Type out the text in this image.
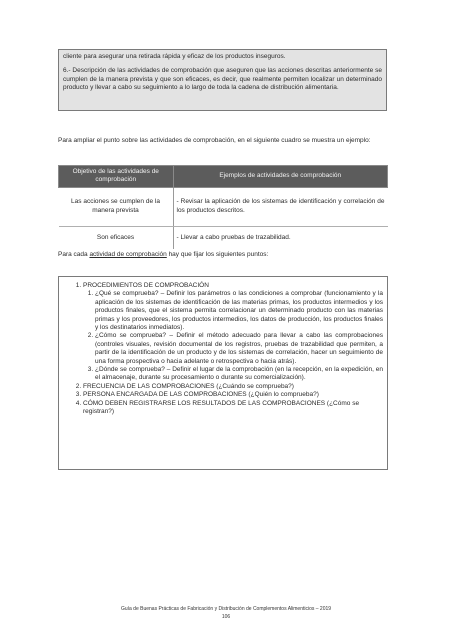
cliente para asegurar una retirada rápida y eficaz de los productos inseguros.

6.- Descripción de las actividades de comprobación que aseguren que las acciones descritas anteriormente se cumplen de la manera prevista y que son eficaces, es decir, que realmente permiten localizar un determinado producto y llevar a cabo su seguimiento a lo largo de toda la cadena de distribución alimentaria.

Para ampliar el punto sobre las actividades de comprobación, en el siguiente cuadro se muestra un ejemplo:

Objetivo de las actividades de comprobación	Ejemplos de actividades de comprobación
Las acciones se cumplen de la manera prevista	- Revisar la aplicación de los sistemas de identificación y correlación de los productos descritos.
Son eficaces	- Llevar a cabo pruebas de trazabilidad.

Para cada actividad de comprobación hay que fijar los siguientes puntos:

1. PROCEDIMIENTOS DE COMPROBACIÓN
1. ¿Qué se comprueba? – Definir los parámetros o las condiciones a comprobar (funcionamiento y la aplicación de los sistemas de identificación de las materias primas, los productos intermedios y los productos finales, que el sistema permita correlacionar un determinado producto con las materias primas y los proveedores, los productos intermedios, los datos de producción, los productos finales y los destinatarios inmediatos).
2. ¿Cómo se comprueba? – Definir el método adecuado para llevar a cabo las comprobaciones (controles visuales, revisión documental de los registros, pruebas de trazabilidad que permiten, a partir de la identificación de un producto y de los sistemas de correlación, hacer un seguimiento de una forma prospectiva o hacia adelante o retrospectiva o hacia atrás).
3. ¿Dónde se comprueba? – Definir el lugar de la comprobación (en la recepción, en la expedición, en el almacenaje, durante su procesamiento o durante su comercialización).
2. FRECUENCIA DE LAS COMPROBACIONES (¿Cuándo se comprueba?)
3. PERSONA ENCARGADA DE LAS COMPROBACIONES (¿Quién lo comprueba?)
4. CÓMO DEBEN REGISTRARSE LOS RESULTADOS DE LAS COMPROBACIONES (¿Cómo se registran?)
Guía de Buenas Prácticas de Fabricación y Distribución de Complementos Alimenticios – 2019
106
